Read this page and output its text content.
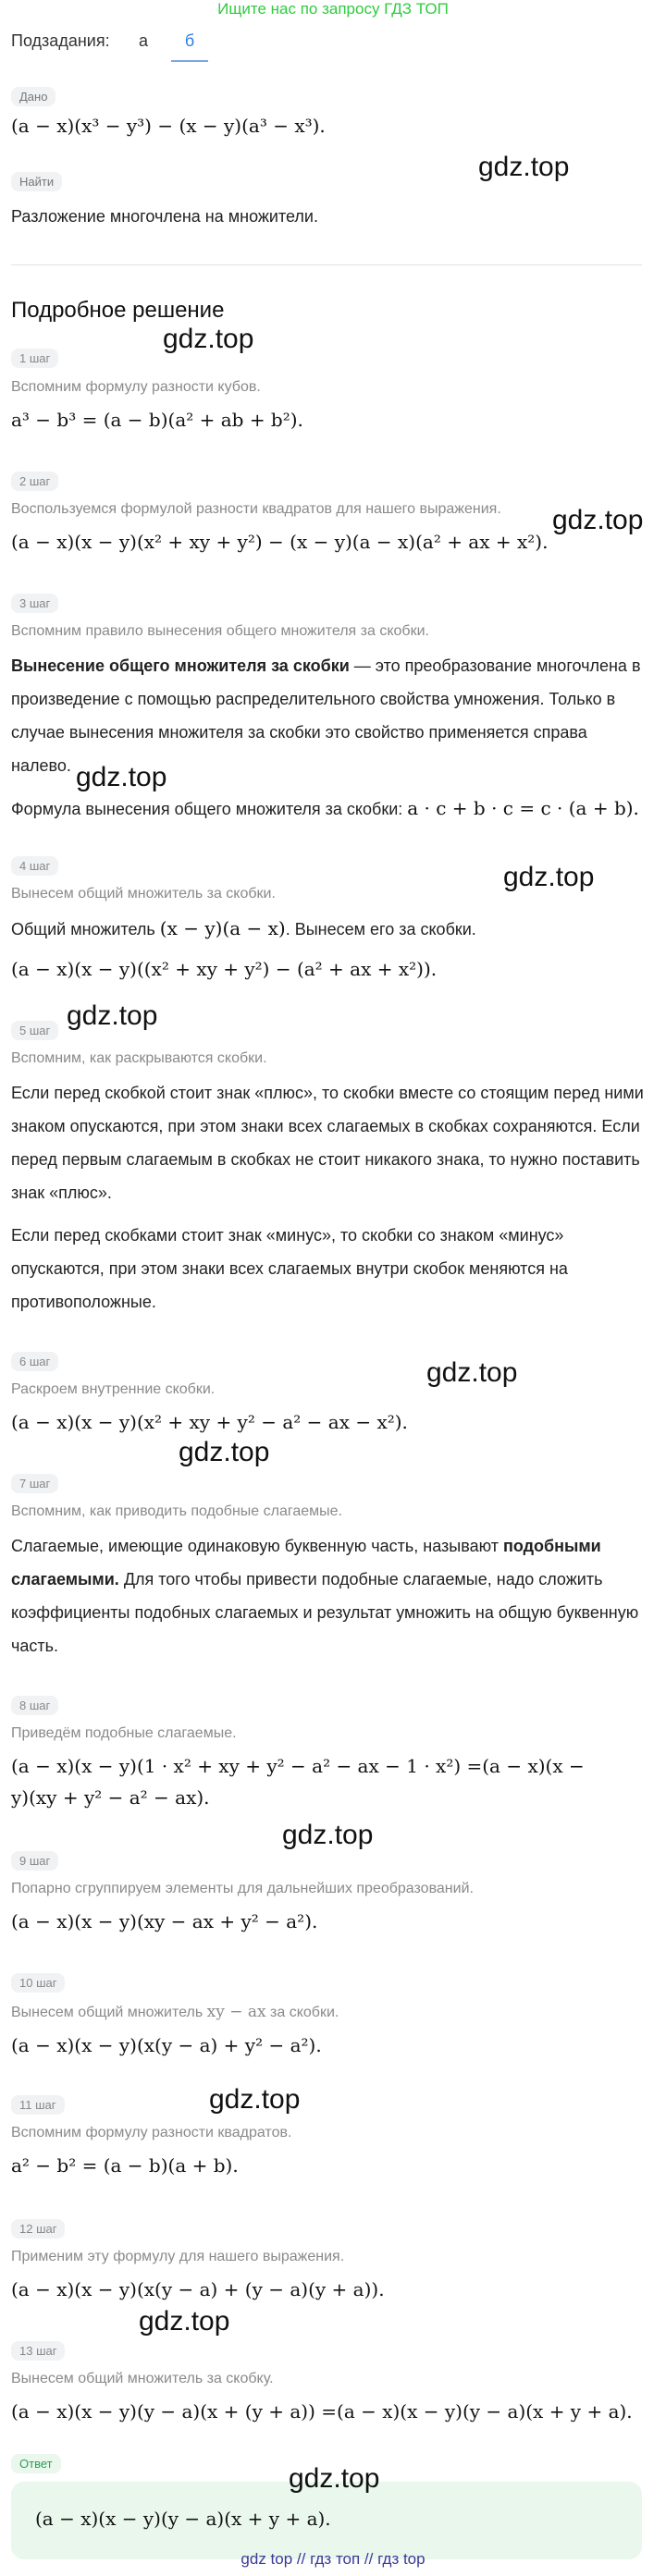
Ищите нас по запросу ГДЗ ТОП
Подзадания: а	б
Дано
(a − x)(x³ − y³) − (x − y)(a³ − x³).
Найти
Разложение многочлена на множители.
gdz.top
Подробное решение
gdz.top
1 шаг
Вспомним формулу разности кубов.
a³ − b³ = (a − b)(a² + ab + b²).
2 шаг
Воспользуемся формулой разности квадратов для нашего выражения.
(a − x)(x − y)(x² + xy + y²) − (x − y)(a − x)(a² + ax + x²).
gdz.top
3 шаг
Вспомним правило вынесения общего множителя за скобки.
Вынесение общего множителя за скобки — это преобразование многочлена в произведение с помощью распределительного свойства умножения. Только в случае вынесения множителя за скобки это свойство применяется справа налево.
Формула вынесения общего множителя за скобки: a · c + b · c = c · (a + b).
gdz.top
4 шаг
Вынесем общий множитель за скобки.
Общий множитель (x − y)(a − x). Вынесем его за скобки.
(a − x)(x − y)((x² + xy + y²) − (a² + ax + x²)).
gdz.top
gdz.top
5 шаг
Вспомним, как раскрываются скобки.
Если перед скобкой стоит знак «плюс», то скобки вместе со стоящим перед ними знаком опускаются, при этом знаки всех слагаемых в скобках сохраняются. Если перед первым слагаемым в скобках не стоит никакого знака, то нужно поставить знак «плюс».
Если перед скобками стоит знак «минус», то скобки со знаком «минус» опускаются, при этом знаки всех слагаемых внутри скобок меняются на противоположные.
6 шаг
Раскроем внутренние скобки.
(a − x)(x − y)(x² + xy + y² − a² − ax − x²).
gdz.top
gdz.top
7 шаг
Вспомним, как приводить подобные слагаемые.
Слагаемые, имеющие одинаковую буквенную часть, называют подобными слагаемыми. Для того чтобы привести подобные слагаемые, надо сложить коэффициенты подобных слагаемых и результат умножить на общую буквенную часть.
8 шаг
Приведём подобные слагаемые.
(a − x)(x − y)(1 · x² + xy + y² − a² − ax − 1 · x²) =(a − x)(x −
y)(xy + y² − a² − ax).
gdz.top
9 шаг
Попарно сгруппируем элементы для дальнейших преобразований.
(a − x)(x − y)(xy − ax + y² − a²).
10 шаг
Вынесем общий множитель xy − ax за скобки.
(a − x)(x − y)(x(y − a) + y² − a²).
gdz.top
11 шаг
Вспомним формулу разности квадратов.
a² − b² = (a − b)(a + b).
12 шаг
Применим эту формулу для нашего выражения.
(a − x)(x − y)(x(y − a) + (y − a)(y + a)).
gdz.top
13 шаг
Вынесем общий множитель за скобку.
(a − x)(x − y)(y − a)(x + (y + a)) =(a − x)(x − y)(y − a)(x + y + a).
Ответ
(a − x)(x − y)(y − a)(x + y + a).
gdz.top
gdz top // гдз топ // гдз top
